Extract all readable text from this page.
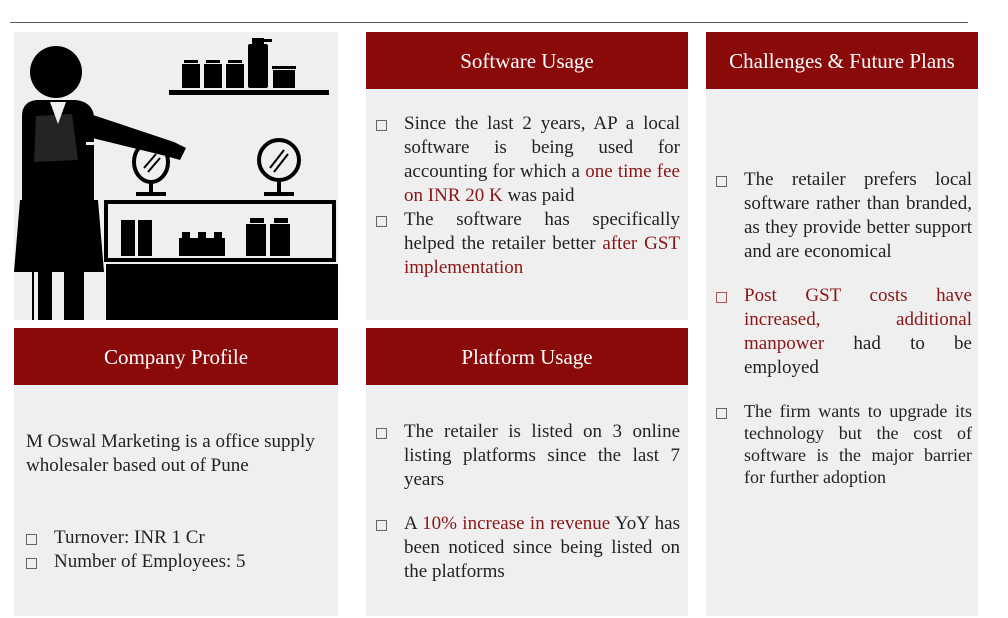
Company Profile
M Oswal Marketing is a office supply wholesaler based out of Pune
Turnover: INR 1 Cr
Number of Employees: 5
Software Usage
Since the last 2 years, AP a local software is being used for accounting for which a one time fee on INR 20 K was paid
The software has specifically helped the retailer better after GST implementation
Platform Usage
The retailer is listed on 3 online listing platforms since the last 7 years
A 10% increase in revenue YoY has been noticed since being listed on the platforms
Challenges & Future Plans
The retailer prefers local software rather than branded, as they provide better support and are economical
Post GST costs have increased, additional manpower had to be employed
The firm wants to upgrade its technology but the cost of software is the major barrier for further adoption
